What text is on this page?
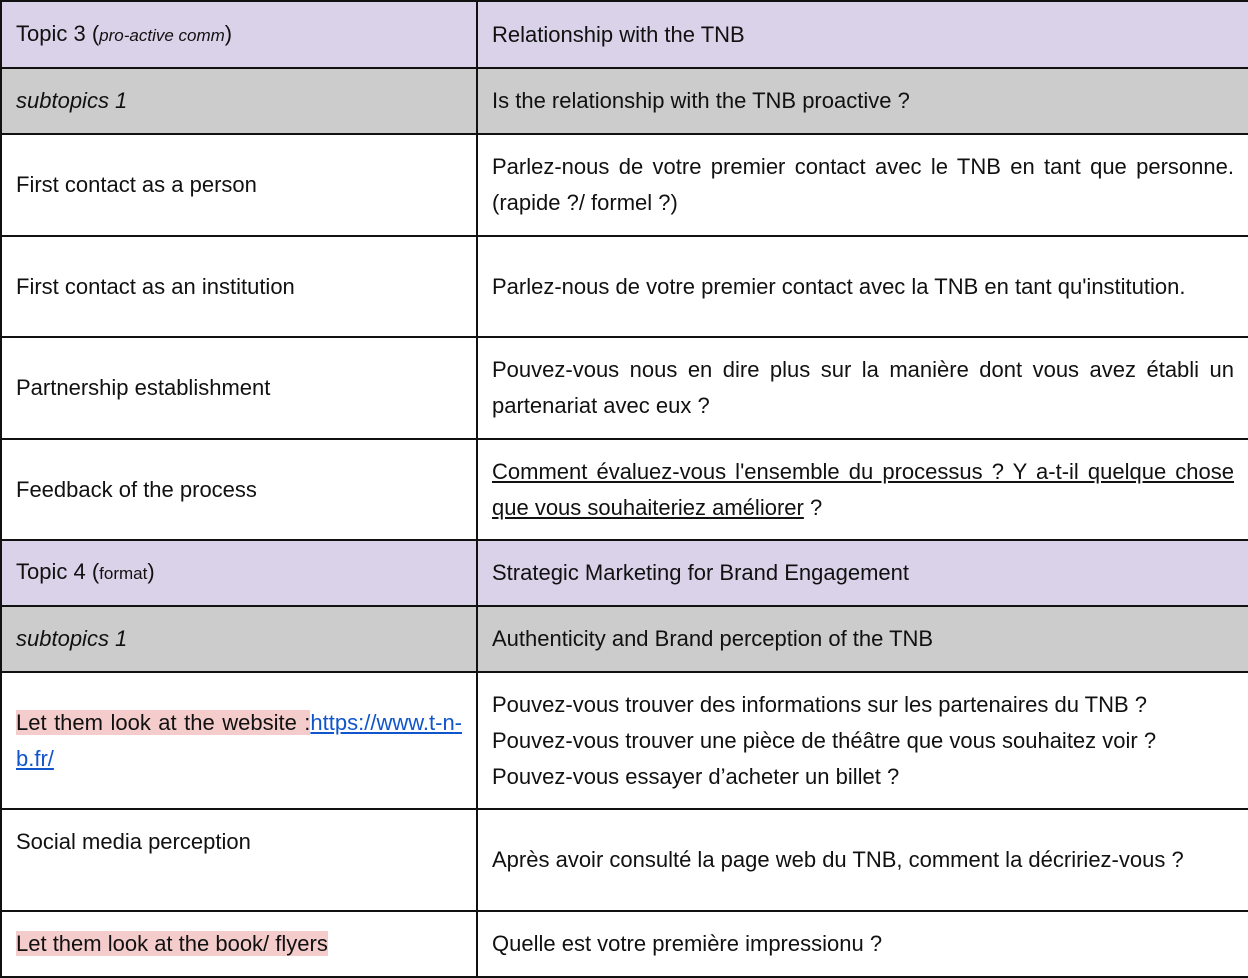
Topic 3 (pro-active comm)	Relationship with the TNB
subtopics 1	Is the relationship with the TNB proactive ?
First contact as a person	Parlez-nous de votre premier contact avec le TNB en tant que personne. (rapide ?/ formel ?)
First contact as an institution	Parlez-nous de votre premier contact avec la TNB en tant qu'institution.
Partnership establishment	Pouvez-vous nous en dire plus sur la manière dont vous avez établi un partenariat avec eux ?
Feedback of the process	Comment évaluez-vous l'ensemble du processus ? Y a-t-il quelque chose que vous souhaiteriez améliorer ?
Topic 4 (format)	Strategic Marketing for Brand Engagement
subtopics 1	Authenticity and Brand perception of the TNB
Let them look at the website :https://www.t-n-b.fr/	Pouvez-vous trouver des informations sur les partenaires du TNB ?
Pouvez-vous trouver une pièce de théâtre que vous souhaitez voir ?
Pouvez-vous essayer d’acheter un billet ?

Social media perception	Après avoir consulté la page web du TNB, comment la décririez-vous ?
Let them look at the book/ flyers	Quelle est votre première impressionu ?
